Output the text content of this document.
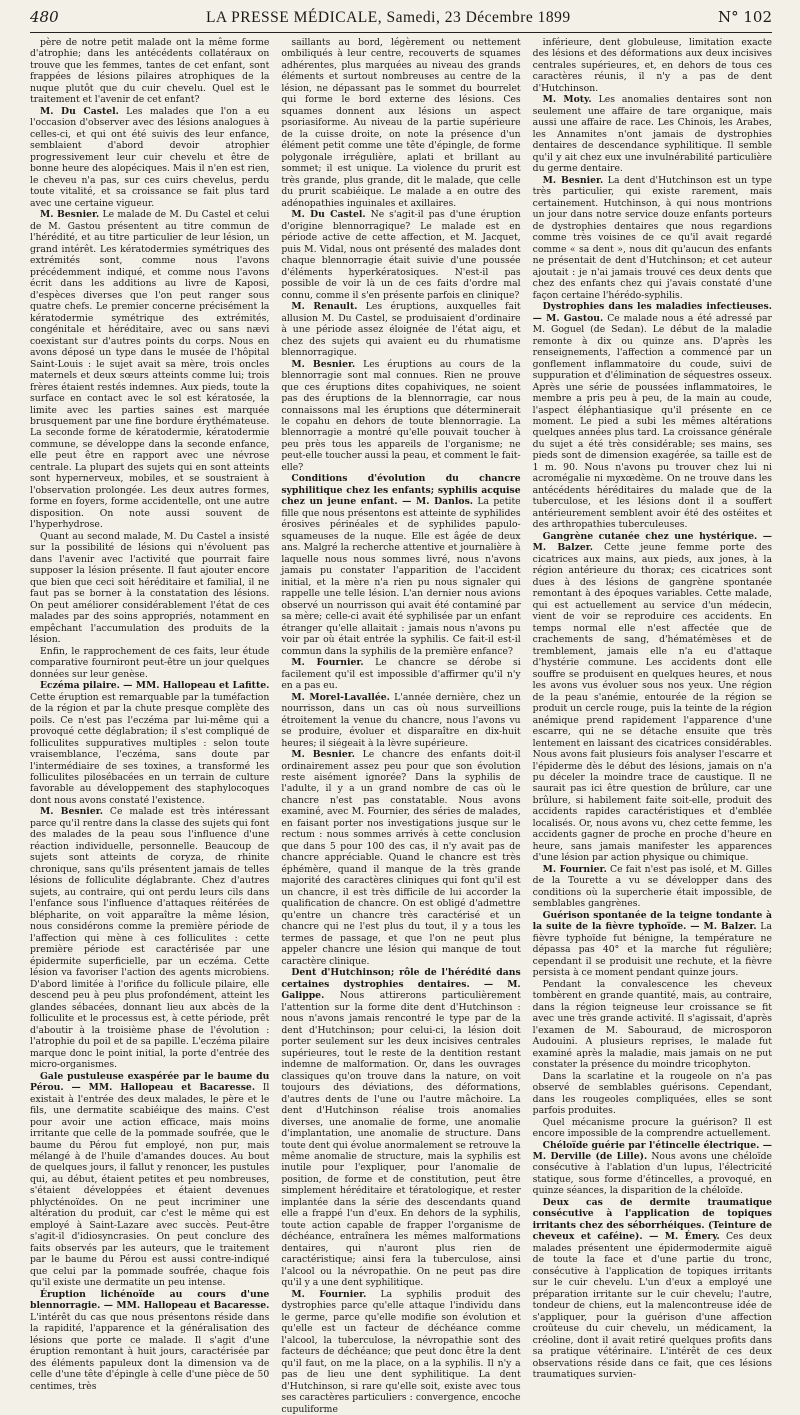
480	LA PRESSE MÉDICALE, Samedi, 23 Décembre 1899	N° 102

père de notre petit malade ont la même forme d'atrophie; dans les antécédents collatéraux on trouve que les femmes, tantes de cet enfant, sont frappées de lésions pilaires atrophiques de la nuque plutôt que du cuir chevelu. Quel est le traitement et l'avenir de cet enfant?

M. Du Castel. Les malades que l'on a eu l'occasion d'observer avec des lésions analogues à celles-ci, et qui ont été suivis des leur enfance, semblaient d'abord devoir atrophier progressivement leur cuir chevelu et être de bonne heure des alopéciques. Mais il n'en est rien, le cheveu n'a pas, sur ces cuirs chevelus, perdu toute vitalité, et sa croissance se fait plus tard avec une certaine vigueur.

M. Besnier. Le malade de M. Du Castel et celui de M. Gastou présentent au titre commun de l'hérédité, et au titre particulier de leur lésion, un grand intérêt. Les kératodermies symétriques des extrémités sont, comme nous l'avons précédemment indiqué, et comme nous l'avons écrit dans les additions au livre de Kaposi, d'espèces diverses que l'on peut ranger sous quatre chefs. Le premier concerne précisément la kératodermie symétrique des extrémités, congénitale et héréditaire, avec ou sans nævi coexistant sur d'autres points du corps. Nous en avons déposé un type dans le musée de l'hôpital Saint-Louis : le sujet avait sa mère, trois oncles maternels et deux sœurs atteints comme lui; trois frères étaient restés indemnes. Aux pieds, toute la surface en contact avec le sol est kératosée, la limite avec les parties saines est marquée brusquement par une fine bordure érythémateuse. La seconde forme de kératodermie, kératodermie commune, se développe dans la seconde enfance, elle peut être en rapport avec une névrose centrale. La plupart des sujets qui en sont atteints sont hypernerveux, mobiles, et se soustraient à l'observation prolongée. Les deux autres formes, forme en foyers, forme accidentelle, ont une autre disposition. On note aussi souvent de l'hyperhydrose.

Quant au second malade, M. Du Castel a insisté sur la possibilité de lésions qui n'évoluent pas dans l'avenir avec l'activité que pourrait faire supposer la lésion présente. Il faut ajouter encore que bien que ceci soit héréditaire et familial, il ne faut pas se borner à la constatation des lésions. On peut améliorer considérablement l'état de ces malades par des soins appropriés, notamment en empêchant l'accumulation des produits de la lésion.

Enfin, le rapprochement de ces faits, leur étude comparative fourniront peut-être un jour quelques données sur leur genèse.

Eczéma pilaire. — MM. Hallopeau et Lafitte. Cette éruption est remarquable par la tuméfaction de la région et par la chute presque complète des poils. Ce n'est pas l'eczéma par lui-même qui a provoqué cette déglabration; il s'est compliqué de folliculites suppuratives multiples : selon toute vraisemblance, l'eczéma, sans doute par l'intermédiaire de ses toxines, a transformé les folliculites pilosébacées en un terrain de culture favorable au développement des staphylocoques dont nous avons constaté l'existence.

M. Besnier. Ce malade est très intéressant parce qu'il rentre dans la classe des sujets qui font des malades de la peau sous l'influence d'une réaction individuelle, personnelle. Beaucoup de sujets sont atteints de coryza, de rhinite chronique, sans qu'ils présentent jamais de telles lésions de folliculite déglabrante. Chez d'autres sujets, au contraire, qui ont perdu leurs cils dans l'enfance sous l'influence d'attaques réitérées de blépharite, on voit apparaître la même lésion, nous considérons comme la première période de l'affection qui mène à ces folliculites : cette première période est caractérisée par une épidermite superficielle, par un eczéma. Cette lésion va favoriser l'action des agents microbiens. D'abord limitée à l'orifice du follicule pilaire, elle descend peu à peu plus profondément, atteint les glandes sébacées, donnant lieu aux abcès de la folliculite et le processus est, à cette période, prêt d'aboutir à la troisième phase de l'évolution : l'atrophie du poil et de sa papille. L'eczéma pilaire marque donc le point initial, la porte d'entrée des micro-organismes.

Gale pustuleuse exaspérée par le baume du Pérou. — MM. Hallopeau et Bacaresse. Il existait à l'entrée des deux malades, le père et le fils, une dermatite scabiéique des mains. C'est pour avoir une action efficace, mais moins irritante que celle de la pommade soufrée, que le baume du Pérou fut employé, non pur, mais mélangé à de l'huile d'amandes douces. Au bout de quelques jours, il fallut y renoncer, les pustules qui, au début, étaient petites et peu nombreuses, s'étaient développées et étaient devenues phlycténoïdes. On ne peut incriminer une altération du produit, car c'est le même qui est employé à Saint-Lazare avec succès. Peut-être s'agit-il d'idiosyncrasies. On peut conclure des faits observés par les auteurs, que le traitement par le baume du Pérou est aussi contre-indiqué que celui par la pommade soufrée, chaque fois qu'il existe une dermatite un peu intense.

Éruption lichénoïde au cours d'une blennorragie. — MM. Hallopeau et Bacaresse. L'intérêt du cas que nous présentons réside dans la rapidité, l'apparence et la généralisation des lésions que porte ce malade. Il s'agit d'une éruption remontant à huit jours, caractérisée par des éléments papuleux dont la dimension va de celle d'une tête d'épingle à celle d'une pièce de 50 centimes, très

saillants au bord, légèrement ou nettement ombiliqués à leur centre, recouverts de squames adhérentes, plus marquées au niveau des grands éléments et surtout nombreuses au centre de la lésion, ne dépassant pas le sommet du bourrelet qui forme le bord externe des lésions. Ces squames donnent aux lésions un aspect psoriasiforme. Au niveau de la partie supérieure de la cuisse droite, on note la présence d'un élément petit comme une tête d'épingle, de forme polygonale irrégulière, aplati et brillant au sommet; il est unique. La violence du prurit est très grande, plus grande, dit le malade, que celle du prurit scabiéique. Le malade a en outre des adénopathies inguinales et axillaires.

M. Du Castel. Ne s'agit-il pas d'une éruption d'origine blennorragique? Le malade est en période active de cette affection, et M. Jacquet, puis M. Vidal, nous ont présenté des malades dont chaque blennorragie était suivie d'une poussée d'éléments hyperkératosiques. N'est-il pas possible de voir là un de ces faits d'ordre mal connu, comme il s'en présente parfois en clinique?

M. Renault. Les éruptions, auxquelles fait allusion M. Du Castel, se produisaient d'ordinaire à une période assez éloignée de l'état aigu, et chez des sujets qui avaient eu du rhumatisme blennorragique.

M. Besnier. Les éruptions au cours de la blennorragie sont mal connues. Rien ne prouve que ces éruptions dites copahiviques, ne soient pas des éruptions de la blennorragie, car nous connaissons mal les éruptions que déterminerait le copahu en dehors de toute blennorragie. La blennorragie a montré qu'elle pouvait toucher à peu près tous les appareils de l'organisme; ne peut-elle toucher aussi la peau, et comment le fait-elle?

Conditions d'évolution du chancre syphilitique chez les enfants; syphilis acquise chez un jeune enfant. — M. Danlos. La petite fille que nous présentons est atteinte de syphilides érosives périnéales et de syphilides papulo-squameuses de la nuque. Elle est âgée de deux ans. Malgré la recherche attentive et journalière à laquelle nous nous sommes livré, nous n'avons jamais pu constater l'apparition de l'accident initial, et la mère n'a rien pu nous signaler qui rappelle une telle lésion. L'an dernier nous avions observé un nourrisson qui avait été contaminé par sa mère; celle-ci avait été syphilisée par un enfant étranger qu'elle allaitait : jamais nous n'avons pu voir par où était entrée la syphilis. Ce fait-il est-il commun dans la syphilis de la première enfance?

M. Fournier. Le chancre se dérobe si facilement qu'il est impossible d'affirmer qu'il n'y en a pas eu.

M. Morel-Lavallée. L'année dernière, chez un nourrisson, dans un cas où nous surveillions étroitement la venue du chancre, nous l'avons vu se produire, évoluer et disparaître en dix-huit heures; il siégeait à la lèvre supérieure.

M. Besnier. Le chancre des enfants doit-il ordinairement assez peu pour que son évolution reste aisément ignorée? Dans la syphilis de l'adulte, il y a un grand nombre de cas où le chancre n'est pas constatable. Nous avons examiné, avec M. Fournier, des séries de malades, en faisant porter nos investigations jusque sur le rectum : nous sommes arrivés à cette conclusion que dans 5 pour 100 des cas, il n'y avait pas de chancre appréciable. Quand le chancre est très éphémère, quand il manque de la très grande majorité des caractères cliniques qui font qu'il est un chancre, il est très difficile de lui accorder la qualification de chancre. On est obligé d'admettre qu'entre un chancre très caractérisé et un chancre qui ne l'est plus du tout, il y a tous les termes de passage, et que l'on ne peut plus appeler chancre une lésion qui manque de tout caractère clinique.

Dent d'Hutchinson; rôle de l'hérédité dans certaines dystrophies dentaires. — M. Galippe. Nous attirerons particulièrement l'attention sur la forme dite dent d'Hutchinson : nous n'avons jamais rencontré le type par de la dent d'Hutchinson; pour celui-ci, la lésion doit porter seulement sur les deux incisives centrales supérieures, tout le reste de la dentition restant indemne de malformation. Or, dans les ouvrages classiques qu'on trouve dans la nature, on voit toujours des déviations, des déformations, d'autres dents de l'une ou l'autre mâchoire. La dent d'Hutchinson réalise trois anomalies diverses, une anomalie de forme, une anomalie d'implantation, une anomalie de structure. Dans toute dent qui évolue anormalement se retrouve la même anomalie de structure, mais la syphilis est inutile pour l'expliquer, pour l'anomalie de position, de forme et de constitution, peut être simplement héréditaire et tératologique, et rester implantée dans la série des descendants quand elle a frappé l'un d'eux. En dehors de la syphilis, toute action capable de frapper l'organisme de déchéance, entraînera les mêmes malformations dentaires, qui n'auront plus rien de caractéristique; ainsi fera la tuberculose, ainsi l'alcool ou la névropathie. On ne peut pas dire qu'il y a une dent syphilitique.

M. Fournier. La syphilis produit des dystrophies parce qu'elle attaque l'individu dans le germe, parce qu'elle modifie son évolution et qu'elle est un facteur de déchéance comme l'alcool, la tuberculose, la névropathie sont des facteurs de déchéance; que peut donc être la dent qu'il faut, on me la place, on a la syphilis. Il n'y a pas de lieu une dent syphilitique. La dent d'Hutchinson, si rare qu'elle soit, existe avec tous ses caractères particuliers : convergence, encoche cupuliforme

inférieure, dent globuleuse, limitation exacte des lésions et des déformations aux deux incisives centrales supérieures, et, en dehors de tous ces caractères réunis, il n'y a pas de dent d'Hutchinson.

M. Moty. Les anomalies dentaires sont non seulement une affaire de tare organique, mais aussi une affaire de race. Les Chinois, les Arabes, les Annamites n'ont jamais de dystrophies dentaires de descendance syphilitique. Il semble qu'il y ait chez eux une invulnérabilité particulière du germe dentaire.

M. Besnier. La dent d'Hutchinson est un type très particulier, qui existe rarement, mais certainement. Hutchinson, à qui nous montrions un jour dans notre service douze enfants porteurs de dystrophies dentaires que nous regardions comme très voisines de ce qu'il avait regardé comme « sa dent », nous dit qu'aucun des enfants ne présentait de dent d'Hutchinson; et cet auteur ajoutait : je n'ai jamais trouvé ces deux dents que chez des enfants chez qui j'avais constaté d'une façon certaine l'hérédo-syphilis.

Dystrophies dans les maladies infectieuses. — M. Gastou. Ce malade nous a été adressé par M. Goguel (de Sedan). Le début de la maladie remonte à dix ou quinze ans. D'après les renseignements, l'affection a commencé par un gonflement inflammatoire du coude, suivi de suppuration et d'élimination de séquestres osseux. Après une série de poussées inflammatoires, le membre a pris peu à peu, de la main au coude, l'aspect éléphantiasique qu'il présente en ce moment. Le pied a subi les mêmes altérations quelques années plus tard. La croissance générale du sujet a été très considérable; ses mains, ses pieds sont de dimension exagérée, sa taille est de 1 m. 90. Nous n'avons pu trouver chez lui ni acromégalie ni myxœdème. On ne trouve dans les antécédents héréditaires du malade que de la tuberculose, et les lésions dont il a souffert antérieurement semblent avoir été des ostéites et des arthropathies tuberculeuses.

Gangrène cutanée chez une hystérique. — M. Balzer. Cette jeune femme porte des cicatrices aux mains, aux pieds, aux jones, à la région antérieure du thorax; ces cicatrices sont dues à des lésions de gangrène spontanée remontant à des époques variables. Cette malade, qui est actuellement au service d'un médecin, vient de voir se reproduire ces accidents. En temps normal elle n'est affectée que de crachements de sang, d'hématémèses et de tremblement, jamais elle n'a eu d'attaque d'hystérie commune. Les accidents dont elle souffre se produisent en quelques heures, et nous les avons vus évoluer sous nos yeux. Une région de la peau s'anémie, entourée de la région se produit un cercle rouge, puis la teinte de la région anémique prend rapidement l'apparence d'une escarre, qui ne se détache ensuite que très lentement en laissant des cicatrices considérables. Nous avons fait plusieurs fois analyser l'escarre et l'épiderme dès le début des lésions, jamais on n'a pu déceler la moindre trace de caustique. Il ne saurait pas ici être question de brûlure, car une brûlure, si habilement faite soit-elle, produit des accidents rapides caractéristiques et d'emblée localisés. Or, nous avons vu, chez cette femme, les accidents gagner de proche en proche d'heure en heure, sans jamais manifester les apparences d'une lésion par action physique ou chimique.

M. Fournier. Ce fait n'est pas isolé, et M. Gilles de la Tourette a vu se développer dans des conditions où la supercherie était impossible, de semblables gangrènes.

Guérison spontanée de la teigne tondante à la suite de la fièvre typhoïde. — M. Balzer. La fièvre typhoïde fut bénigne, la température ne dépassa pas 40° et la marche fut régulière; cependant il se produisit une rechute, et la fièvre persista à ce moment pendant quinze jours.

Pendant la convalescence les cheveux tombèrent en grande quantité, mais, au contraire, dans la région teigneuse leur croissance se fit avec une très grande activité. Il s'agissait, d'après l'examen de M. Sabouraud, de microsporon Audouini. A plusieurs reprises, le malade fut examiné après la maladie, mais jamais on ne put constater la présence du moindre tricophyton.

Dans la scarlatine et la rougeole on n'a pas observé de semblables guérisons. Cependant, dans les rougeoles compliquées, elles se sont parfois produites.

Quel mécanisme procure la guérison? Il est encore impossible de la comprendre actuellement.

Chéloïde guérie par l'étincelle électrique. — M. Derville (de Lille). Nous avons une chéloïde consécutive à l'ablation d'un lupus, l'électricité statique, sous forme d'étincelles, a provoqué, en quinze séances, la disparition de la chéloïde.

Deux cas de dermite traumatique consécutive à l'application de topiques irritants chez des séborrhéiques. (Teinture de cheveux et caféine). — M. Émery. Ces deux malades présentent une épidermodermite aiguë de toute la face et d'une partie du tronc, consécutive à l'application de topiques irritants sur le cuir chevelu. L'un d'eux a employé une préparation irritante sur le cuir chevelu; l'autre, tondeur de chiens, eut la malencontreuse idée de s'appliquer, pour la guérison d'une affection croûteuse du cuir chevelu, un médicament, la créoline, dont il avait retiré quelques profits dans sa pratique vétérinaire. L'intérêt de ces deux observations réside dans ce fait, que ces lésions traumatiques survien-
